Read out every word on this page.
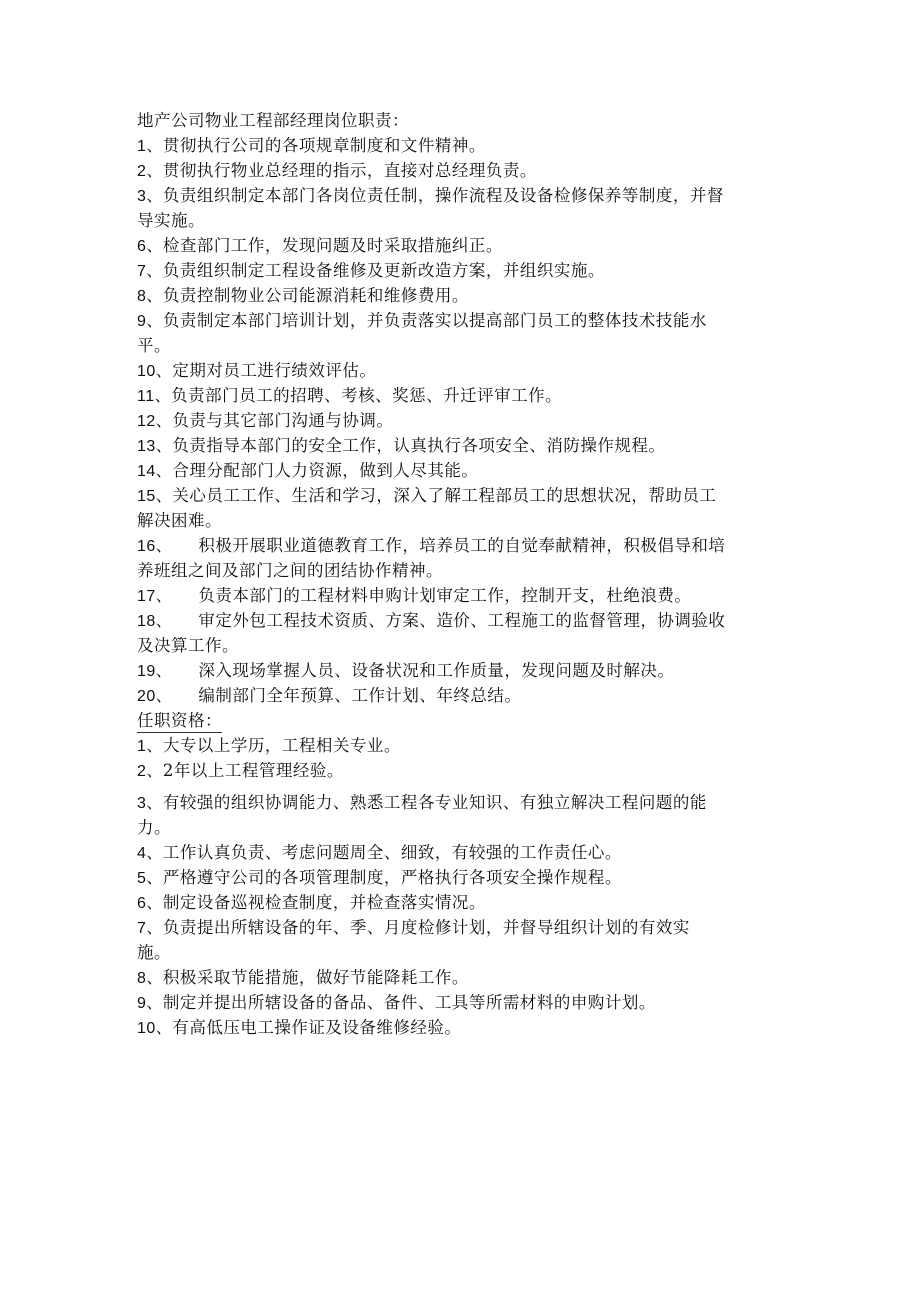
地产公司物业工程部经理岗位职责：
1、贯彻执行公司的各项规章制度和文件精神。
2、贯彻执行物业总经理的指示，直接对总经理负责。
3、负责组织制定本部门各岗位责任制，操作流程及设备检修保养等制度，并督
导实施。
6、检查部门工作，发现问题及时采取措施纠正。
7、负责组织制定工程设备维修及更新改造方案，并组织实施。
8、负责控制物业公司能源消耗和维修费用。
9、负责制定本部门培训计划，并负责落实以提高部门员工的整体技术技能水
平。
10、定期对员工进行绩效评估。
11、负责部门员工的招聘、考核、奖惩、升迁评审工作。
12、负责与其它部门沟通与协调。
13、负责指导本部门的安全工作，认真执行各项安全、消防操作规程。
14、合理分配部门人力资源，做到人尽其能。
15、关心员工工作、生活和学习，深入了解工程部员工的思想状况，帮助员工
解决困难。
16、 积极开展职业道德教育工作，培养员工的自觉奉献精神，积极倡导和培
养班组之间及部门之间的团结协作精神。
17、 负责本部门的工程材料申购计划审定工作，控制开支，杜绝浪费。
18、 审定外包工程技术资质、方案、造价、工程施工的监督管理，协调验收
及决算工作。
19、 深入现场掌握人员、设备状况和工作质量，发现问题及时解决。
20、 编制部门全年预算、工作计划、年终总结。
任职资格：
1、大专以上学历，工程相关专业。
2、2年以上工程管理经验。
3、有较强的组织协调能力、熟悉工程各专业知识、有独立解决工程问题的能
力。
4、工作认真负责、考虑问题周全、细致，有较强的工作责任心。
5、严格遵守公司的各项管理制度，严格执行各项安全操作规程。
6、制定设备巡视检查制度，并检查落实情况。
7、负责提出所辖设备的年、季、月度检修计划，并督导组织计划的有效实
施。
8、积极采取节能措施，做好节能降耗工作。
9、制定并提出所辖设备的备品、备件、工具等所需材料的申购计划。
10、有高低压电工操作证及设备维修经验。
